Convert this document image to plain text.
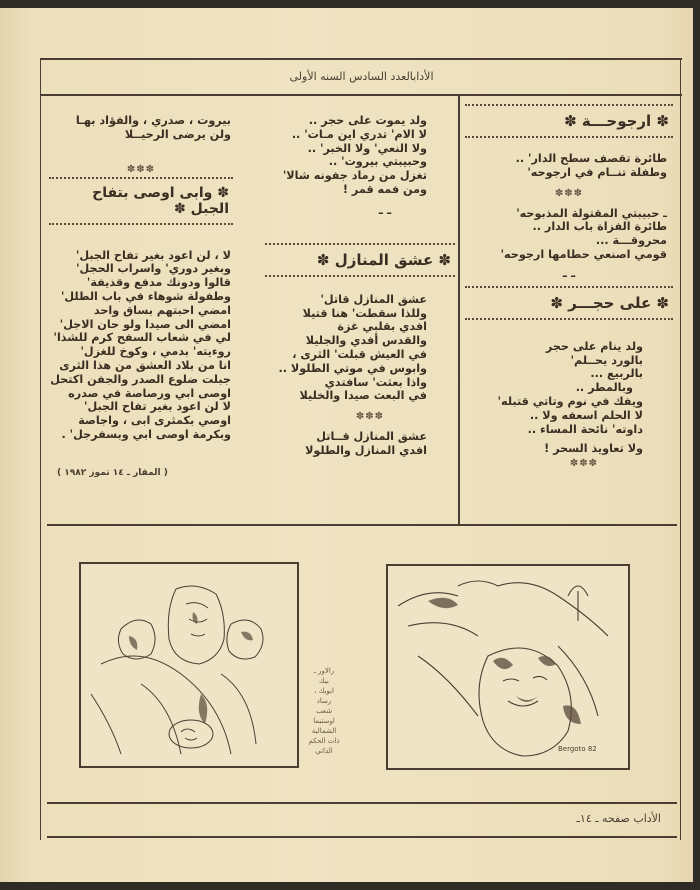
الأدابالعدد السادس السنه الأولى
✽ ارجوحـــة ✽
طائرة تقصف سطح الدار' ..
وطفلة تنــام في ارجوحه'
✽✽✽
ـ حبيبتي المقتولة المذبوحه'
طائرة الفزاة باب الدار ..
محروقـــة ...
قومي اصنعي حطامها ارجوحه'
ـ ـ
✽ على حجـــر ✽
ولد ينام على حجر
بالورد يحــلم'
بالربيع ...
وبالمطر ..
ويفك في نوم وتاتي قتبله'
لا الحلم اسعفه ولا ..
داوته' نائحة المساء ..
ولا تعاويذ السحر !
✽✽✽
ولد يموت على حجر ..
لا الام' تدري اين مـات' ..
ولا النعي' ولا الخبر' ..
وحبيبتي بيروت' ..
تغزل من رماد جفونه شالا'
ومن فمه قمر !
ـ ـ
✽ عشق المنازل ✽
عشق المنازل قاتل'
وللذا سقطت' هنا قتيلا
افدي بقلبي غزة
والقدس أفدي والجليلا
في العيش قبلت' الثرى ،
وابوس في موتي الطلولا ..
واذا بعثت' سافتدي
في البعث صيدا والخليلا
✽✽✽
عشق المنازل قــاتل
افدي المنازل والطلولا
بيروت ، صدري ، والفؤاد بهـا
ولن يرضى الرحيــلا
✽✽✽
✽ وابى اوصى بتفاح الجبل ✽
لا ، لن اعود بغير تفاح الجبل'
وبغير دوري' واسراب الحجل'
قالوا ودونك مدفع وقذيفة'
وطفولة شوهاء في باب الطلل'
امضي احبتهم بساق واحد
امضي الى صيدا ولو حان الاجل'
لي في شعاب السفح كرم للشذا'
روءيته' بدمي ، وكوخ للغزل'
انا من بلاد العشق من هذا الثرى
جبلت ضلوع الصدر والجفن اكتحل
اوصى ابي ورصاصة في صدره
لا لن اعود بغير تفاح الجبل'
اوصي بكمثرى ابى ، واجاصة
وبكرمة اوصى ابي وبسفرجل' .
( المقار ـ ١٤ تموز ١٩٨٢ )
رالاور ـ
بيك
ابوبك ،
رساد
شعب
اوستيما
الشمالية
ذات الحكم
الذاتي	Bergoto 82
الأداب صفحه ـ ١٤ـ
